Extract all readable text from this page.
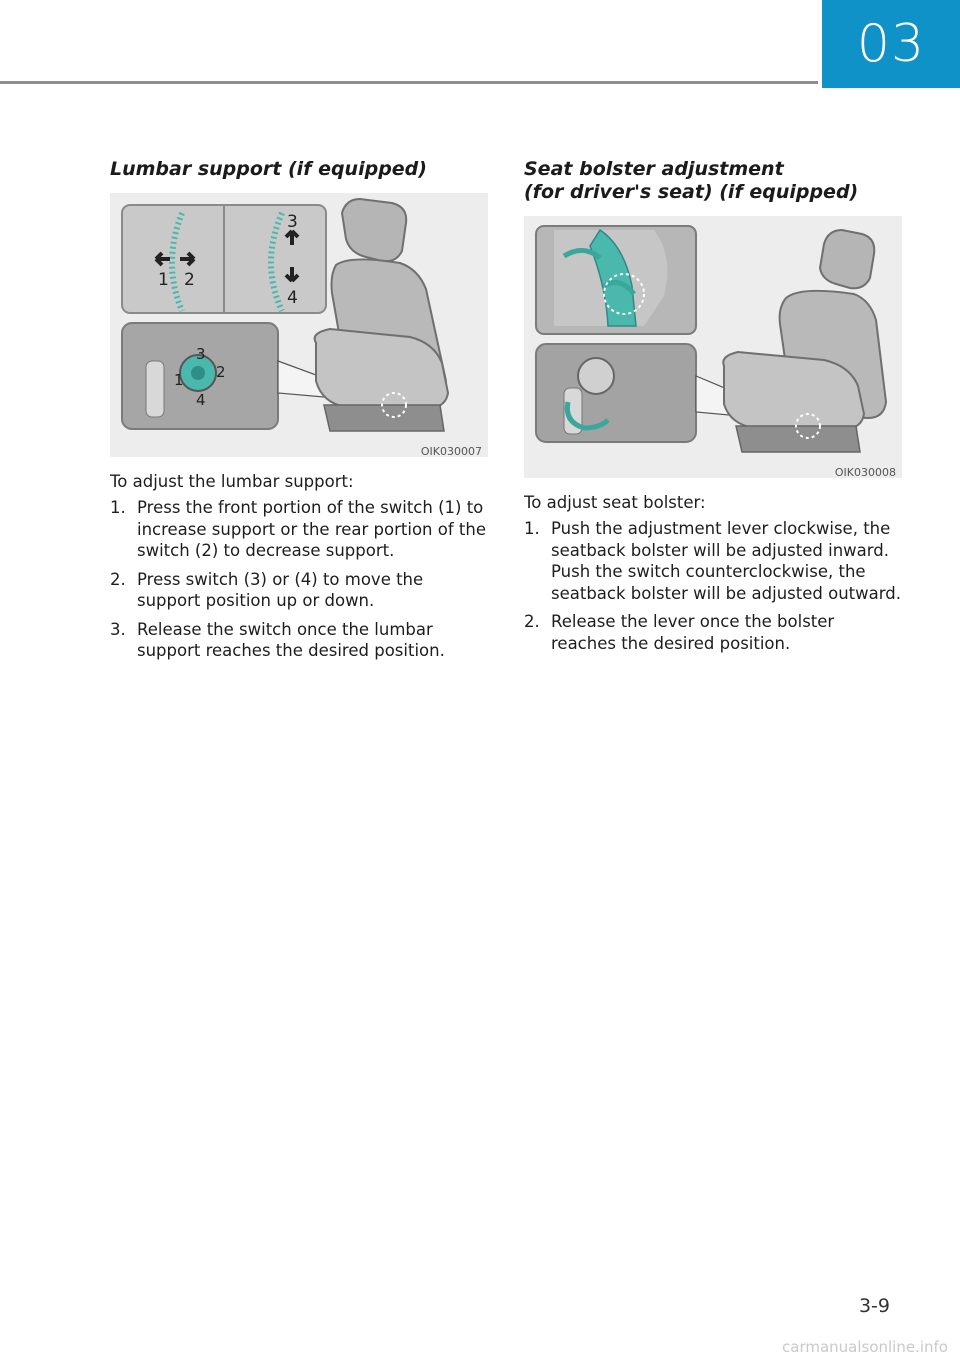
03
Lumbar support (if equipped)
1 2
3
4
3
2
1
4
OIK030007

To adjust the lumbar support:

1. Press the front portion of the switch (1) to increase support or the rear portion of the switch (2) to decrease support.
2. Press switch (3) or (4) to move the support position up or down.
3. Release the switch once the lumbar support reaches the desired position.
Seat bolster adjustment
(for driver's seat) (if equipped)
OIK030008

To adjust seat bolster:

1. Push the adjustment lever clockwise, the seatback bolster will be adjusted inward. Push the switch counterclockwise, the seatback bolster will be adjusted outward.
2. Release the lever once the bolster reaches the desired position.
3-9
carmanualsonline.info
